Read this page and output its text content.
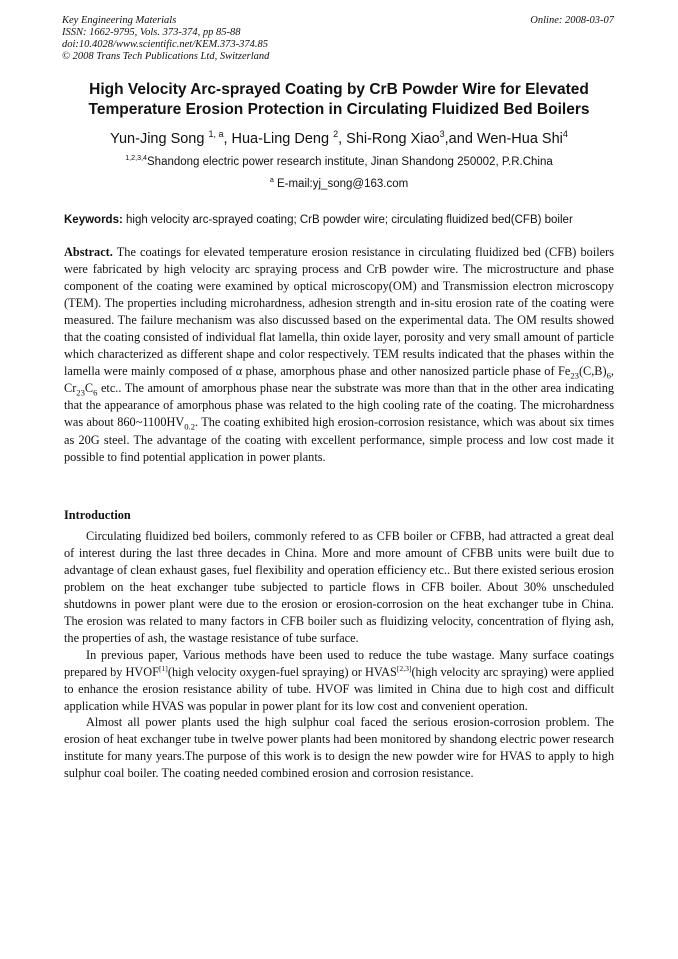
Key Engineering Materials
ISSN: 1662-9795, Vols. 373-374, pp 85-88
doi:10.4028/www.scientific.net/KEM.373-374.85
© 2008 Trans Tech Publications Ltd, Switzerland
Online: 2008-03-07
High Velocity Arc-sprayed Coating by CrB Powder Wire for Elevated
Temperature Erosion Protection in Circulating Fluidized Bed Boilers
Yun-Jing Song $^{1, a}$, Hua-Ling Deng $^2$, Shi-Rong Xiao$^3$,and Wen-Hua Shi$^4$
$^{1,2,3,4}$Shandong electric power research institute, Jinan Shandong 250002, P.R.China
$^a$ E-mail:yj_song@163.com
Keywords: high velocity arc-sprayed coating; CrB powder wire; circulating fluidized bed(CFB) boiler

Abstract. The coatings for elevated temperature erosion resistance in circulating fluidized bed (CFB) boilers were fabricated by high velocity arc spraying process and CrB powder wire. The microstructure and phase component of the coating were examined by optical microscopy(OM) and Transmission electron microscopy (TEM). The properties including microhardness, adhesion strength and in-situ erosion rate of the coating were measured. The failure mechanism was also discussed based on the experimental data. The OM results showed that the coating consisted of individual flat lamella, thin oxide layer, porosity and very small amount of particle which characterized as different shape and color respectively. TEM results indicated that the phases within the lamella were mainly composed of α phase, amorphous phase and other nanosized particle phase of $Fe_{23}(C,B)_6$, $Cr_{23}C_6$ etc.. The amount of amorphous phase near the substrate was more than that in the other area indicating that the appearance of amorphous phase was related to the high cooling rate of the coating. The microhardness was about $860\sim 1100HV_{0.2}$. The coating exhibited high erosion-corrosion resistance, which was about six times as 20G steel. The advantage of the coating with excellent performance, simple process and low cost made it possible to find potential application in power plants.

Introduction

Circulating fluidized bed boilers, commonly refered to as CFB boiler or CFBB, had attracted a great deal of interest during the last three decades in China. More and more amount of CFBB units were built due to advantage of clean exhaust gases, fuel flexibility and operation efficiency etc.. But there existed serious erosion problem on the heat exchanger tube subjected to particle flows in CFB boiler. About 30% unscheduled shutdowns in power plant were due to the erosion or erosion-corrosion on the heat exchanger tube in China. The erosion was related to many factors in CFB boiler such as fluidizing velocity, concentration of flying ash, the properties of ash, the wastage resistance of tube surface.

In previous paper, Various methods have been used to reduce the tube wastage. Many surface coatings prepared by HVOF[1](high velocity oxygen-fuel spraying) or HVAS[2,3](high velocity arc spraying) were applied to enhance the erosion resistance ability of tube. HVOF was limited in China due to high cost and difficult application while HVAS was popular in power plant for its low cost and convenient operation.

Almost all power plants used the high sulphur coal faced the serious erosion-corrosion problem. The erosion of heat exchanger tube in twelve power plants had been monitored by shandong electric power research institute for many years.The purpose of this work is to design the new powder wire for HVAS to apply to high sulphur coal boiler. The coating needed combined erosion and corrosion resistance.
